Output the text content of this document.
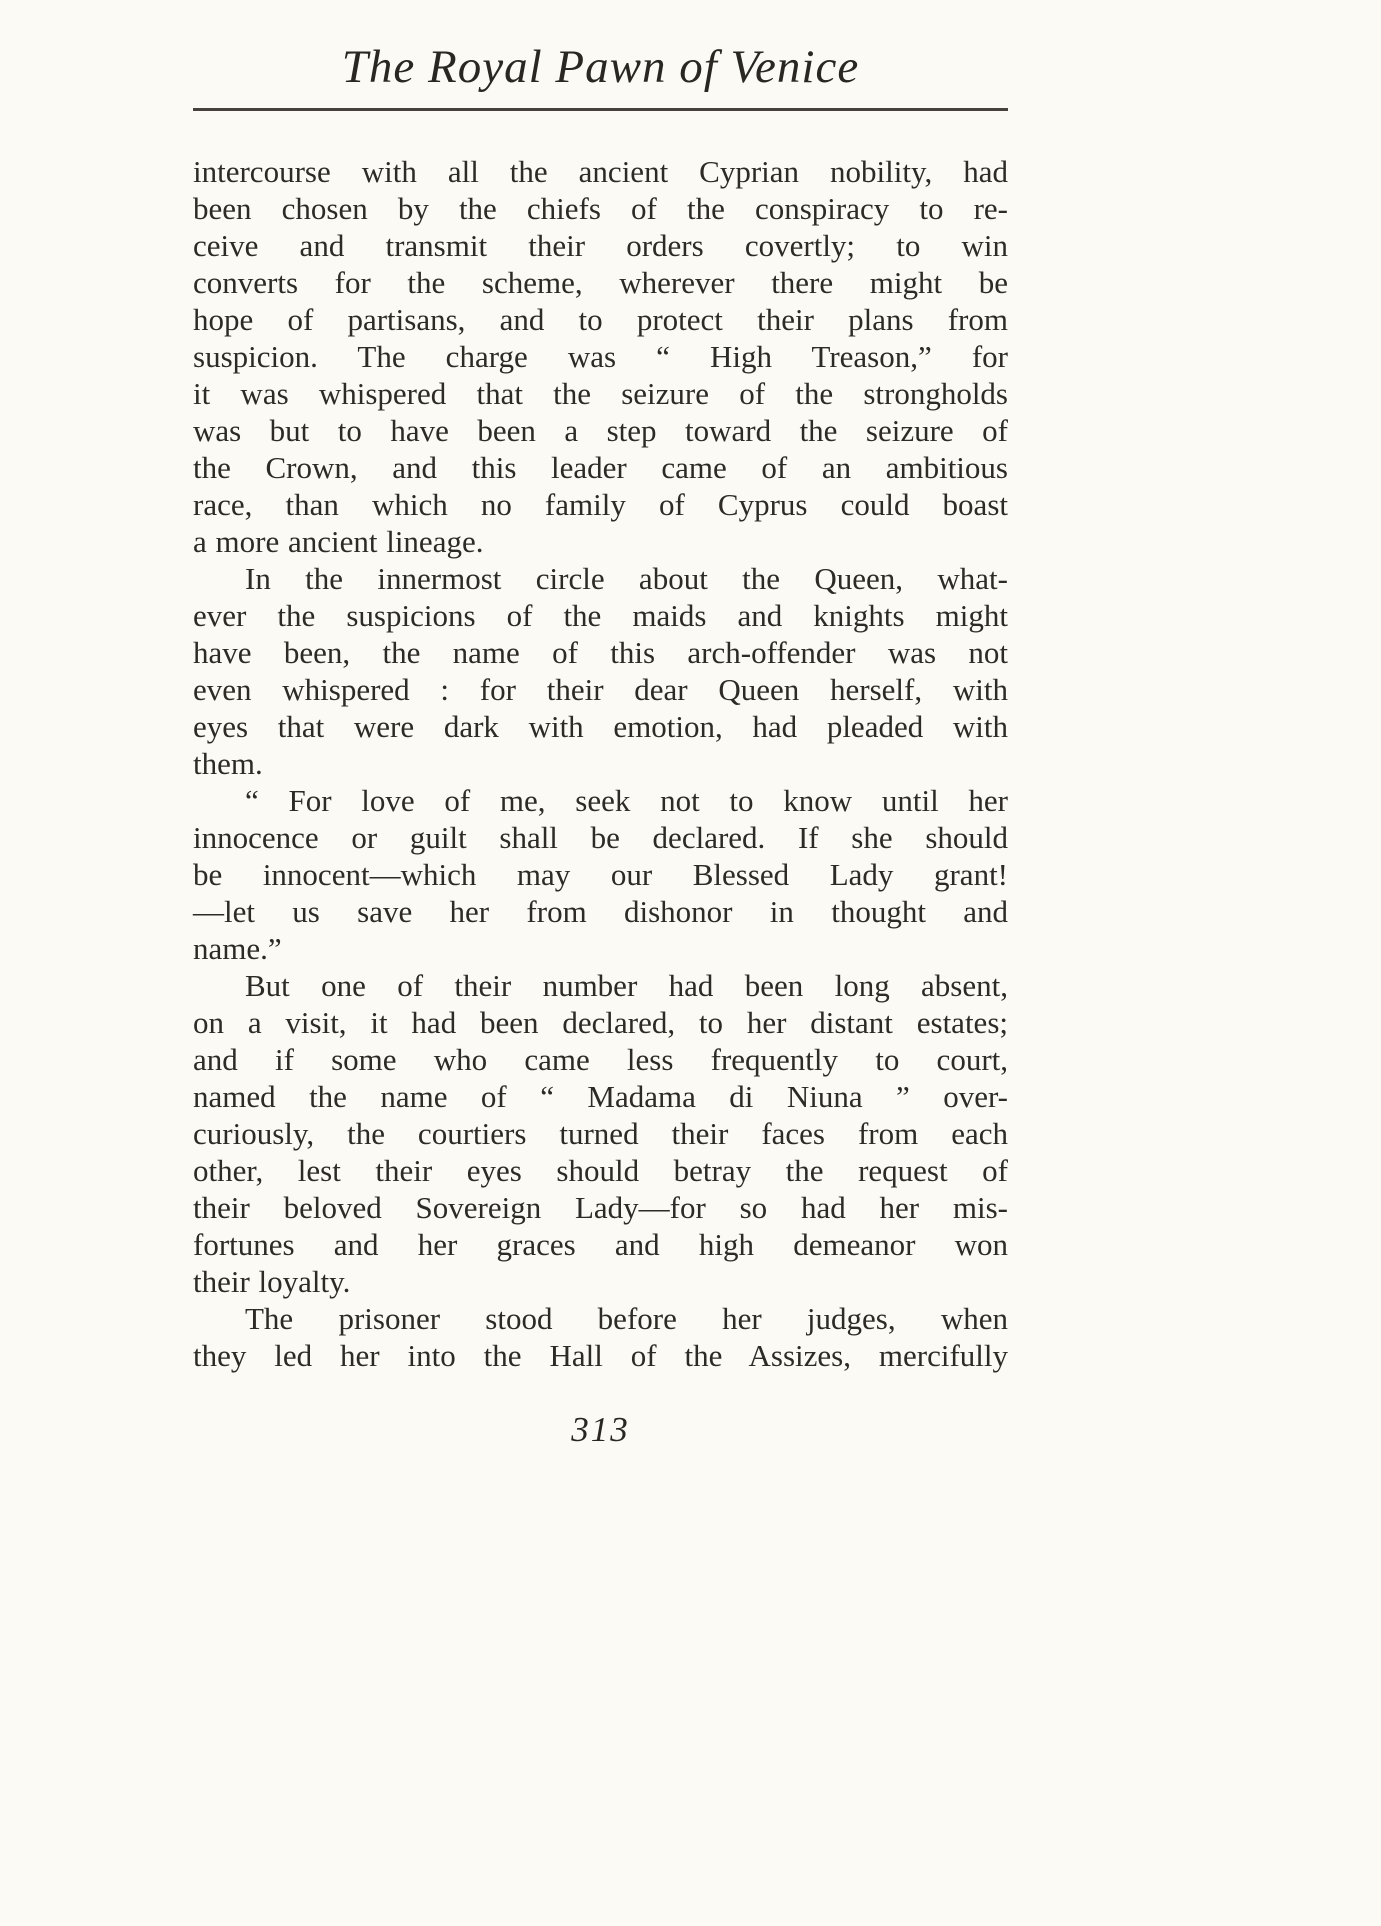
The Royal Pawn of Venice
intercourse with all the ancient Cyprian nobility, had
been chosen by the chiefs of the conspiracy to re-
ceive and transmit their orders covertly; to win
converts for the scheme, wherever there might be
hope of partisans, and to protect their plans from
suspicion. The charge was “ High Treason,” for
it was whispered that the seizure of the strongholds
was but to have been a step toward the seizure of
the Crown, and this leader came of an ambitious
race, than which no family of Cyprus could boast
a more ancient lineage.
In the innermost circle about the Queen, what-
ever the suspicions of the maids and knights might
have been, the name of this arch-offender was not
even whispered : for their dear Queen herself, with
eyes that were dark with emotion, had pleaded with
them.
“ For love of me, seek not to know until her
innocence or guilt shall be declared. If she should
be innocent—which may our Blessed Lady grant!
—let us save her from dishonor in thought and
name.”
But one of their number had been long absent,
on a visit, it had been declared, to her distant estates;
and if some who came less frequently to court,
named the name of “ Madama di Niuna ” over-
curiously, the courtiers turned their faces from each
other, lest their eyes should betray the request of
their beloved Sovereign Lady—for so had her mis-
fortunes and her graces and high demeanor won
their loyalty.
The prisoner stood before her judges, when
they led her into the Hall of the Assizes, mercifully
313
